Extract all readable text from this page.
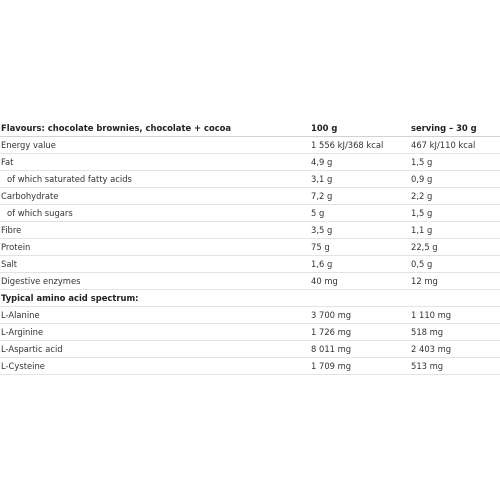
Flavours: chocolate brownies, chocolate + cocoa	100 g	serving – 30 g
Energy value	1 556 kJ/368 kcal	467 kJ/110 kcal
Fat	4,9 g	1,5 g
of which saturated fatty acids	3,1 g	0,9 g
Carbohydrate	7,2 g	2,2 g
of which sugars	5 g	1,5 g
Fibre	3,5 g	1,1 g
Protein	75 g	22,5 g
Salt	1,6 g	0,5 g
Digestive enzymes	40 mg	12 mg
Typical amino acid spectrum:		
L-Alanine	3 700 mg	1 110 mg
L-Arginine	1 726 mg	518 mg
L-Aspartic acid	8 011 mg	2 403 mg
L-Cysteine	1 709 mg	513 mg
